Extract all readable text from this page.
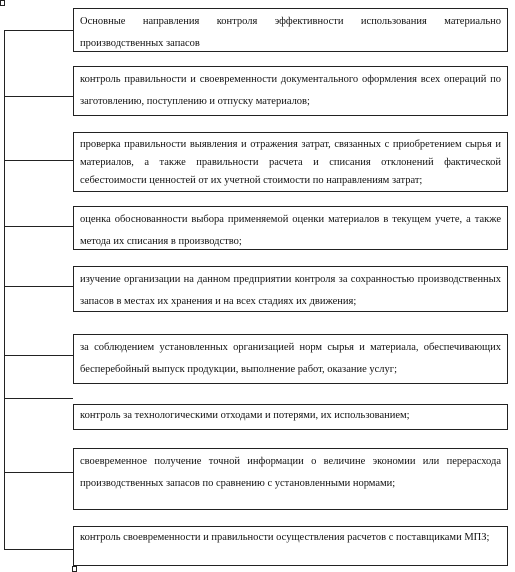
Основные направления контроля эффективности использования материально производственных запасов
контроль правильности и своевременности документального оформления всех операций по заготовлению, поступлению и отпуску материалов;
проверка правильности выявления и отражения затрат, связанных с приобретением сырья и материалов, а также правильности расчета и списания отклонений фактической себестоимости ценностей от их учетной стоимости по направлениям затрат;
оценка обоснованности выбора применяемой оценки материалов в текущем учете, а также метода их списания в производство;
изучение организации на данном предприятии контроля за сохранностью производственных запасов в местах их хранения и на всех стадиях их движения;
за соблюдением установленных организацией норм сырья и материала, обеспечивающих бесперебойный выпуск продукции, выполнение работ, оказание услуг;
контроль за технологическими отходами и потерями, их использованием;
своевременное получение точной информации о величине экономии или перерасхода производственных запасов по сравнению с установленными нормами;
контроль своевременности и правильности осуществления расчетов с поставщиками МПЗ;
